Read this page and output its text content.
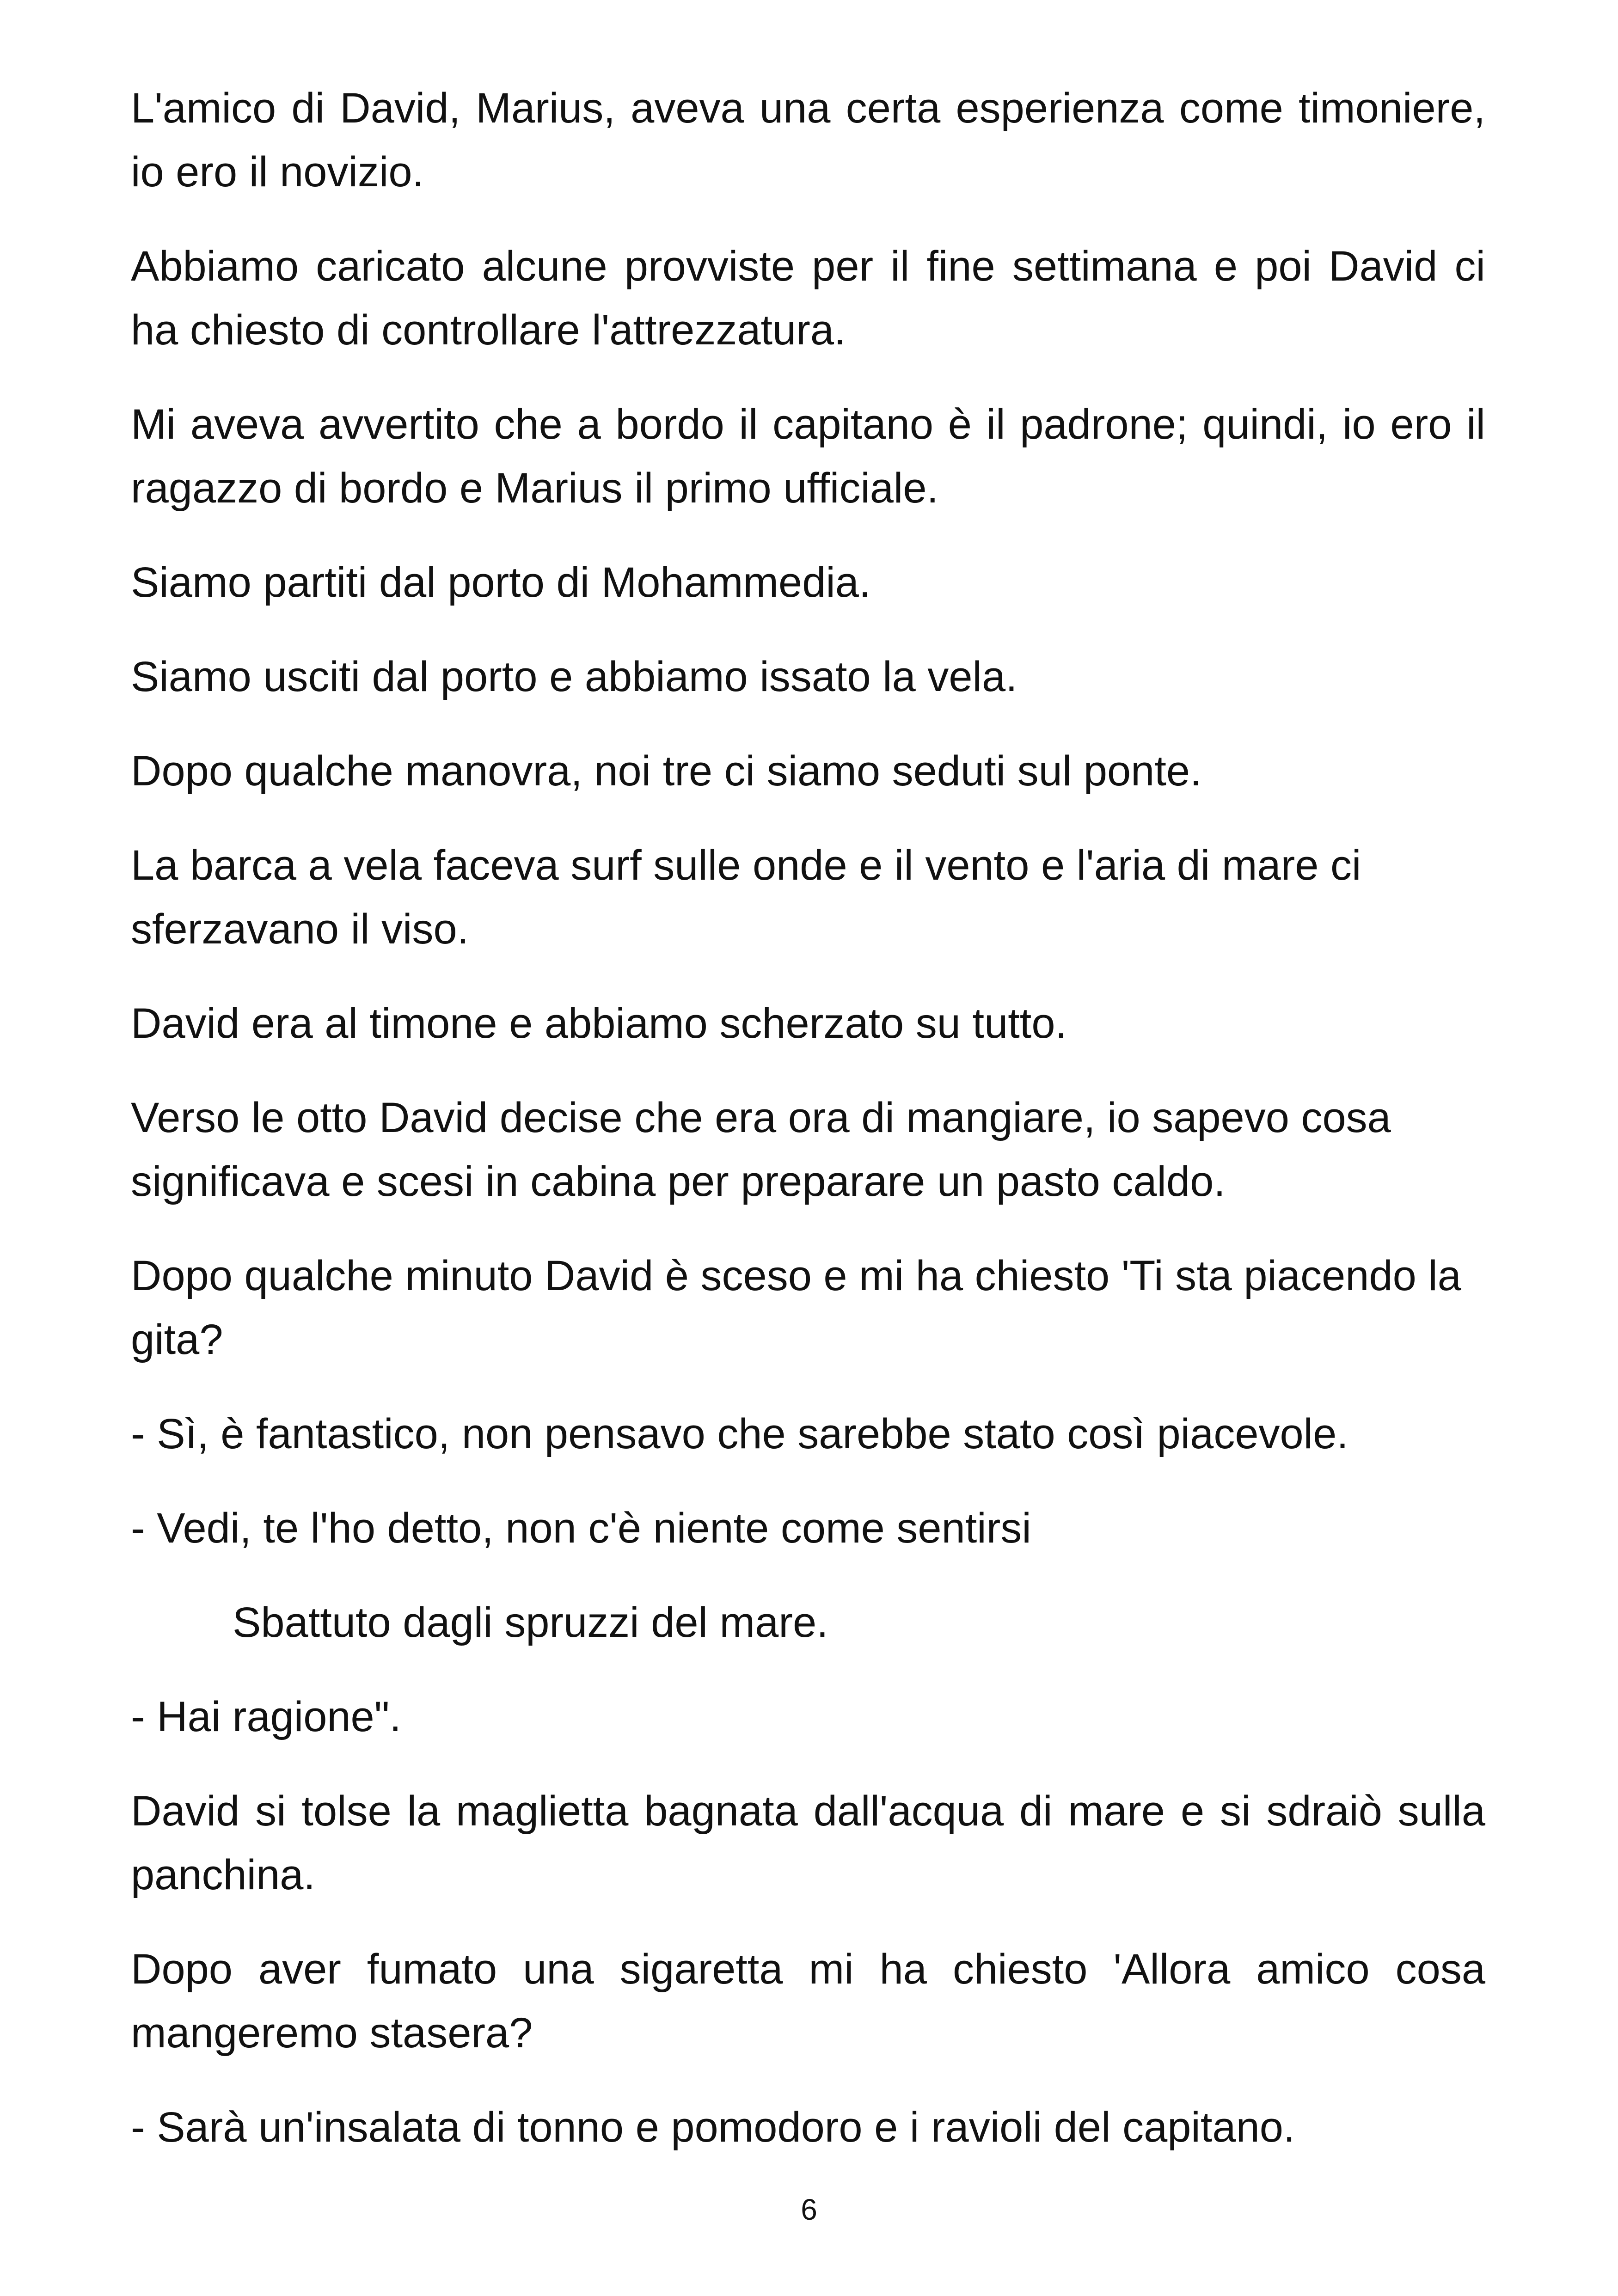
L'amico di David, Marius, aveva una certa esperienza come timoniere, io ero il novizio.

Abbiamo caricato alcune provviste per il fine settimana e poi David ci ha chiesto di controllare l'attrezzatura.

Mi aveva avvertito che a bordo il capitano è il padrone; quindi, io ero il ragazzo di bordo e Marius il primo ufficiale.

Siamo partiti dal porto di Mohammedia.

Siamo usciti dal porto e abbiamo issato la vela.

Dopo qualche manovra, noi tre ci siamo seduti sul ponte.

La barca a vela faceva surf sulle onde e il vento e l'aria di mare ci sferzavano il viso.

David era al timone e abbiamo scherzato su tutto.

Verso le otto David decise che era ora di mangiare, io sapevo cosa significava e scesi in cabina per preparare un pasto caldo.

Dopo qualche minuto David è sceso e mi ha chiesto 'Ti sta piacendo la gita?

- Sì, è fantastico, non pensavo che sarebbe stato così piacevole.

- Vedi, te l'ho detto, non c'è niente come sentirsi

Sbattuto dagli spruzzi del mare.

- Hai ragione".

David si tolse la maglietta bagnata dall'acqua di mare e si sdraiò sulla panchina.

Dopo aver fumato una sigaretta mi ha chiesto 'Allora amico cosa mangeremo stasera?

- Sarà un'insalata di tonno e pomodoro e i ravioli del capitano.

6
